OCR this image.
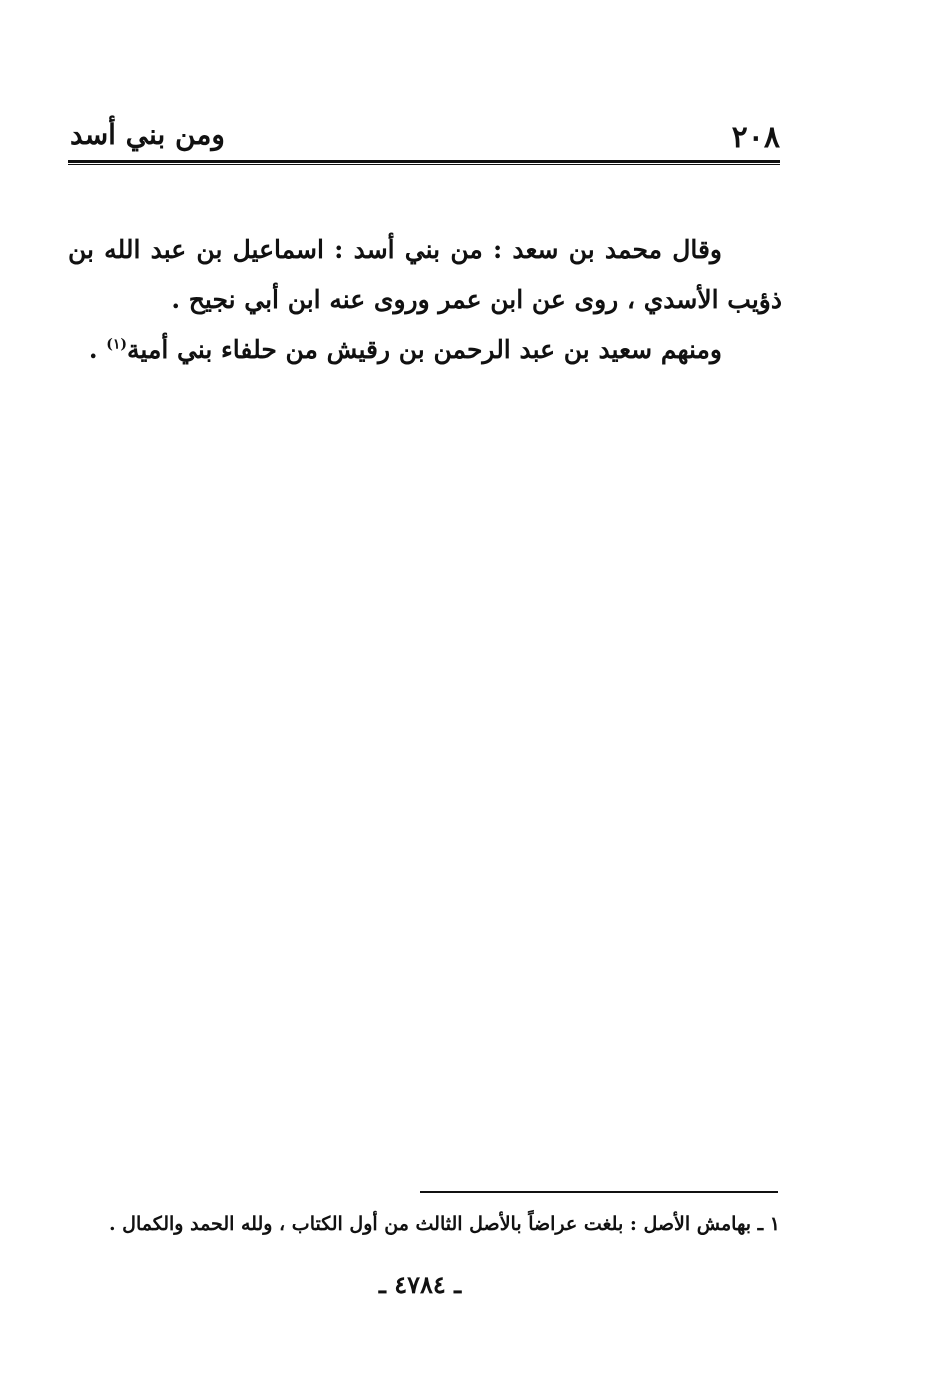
٢٠٨
ومن بني أسد

وقال محمد بن سعد : من بني أسد : اسماعيل بن عبد الله بن ذؤيب الأسدي ، روى عن ابن عمر وروى عنه ابن أبي نجيح .

ومنهم سعيد بن عبد الرحمن بن رقيش من حلفاء بني أمية$^{(١)}$ .

١ ـ بهامش الأصل : بلغت عراضاً بالأصل الثالث من أول الكتاب ، ولله الحمد والكمال .
ـ ٤٧٨٤ ـ
